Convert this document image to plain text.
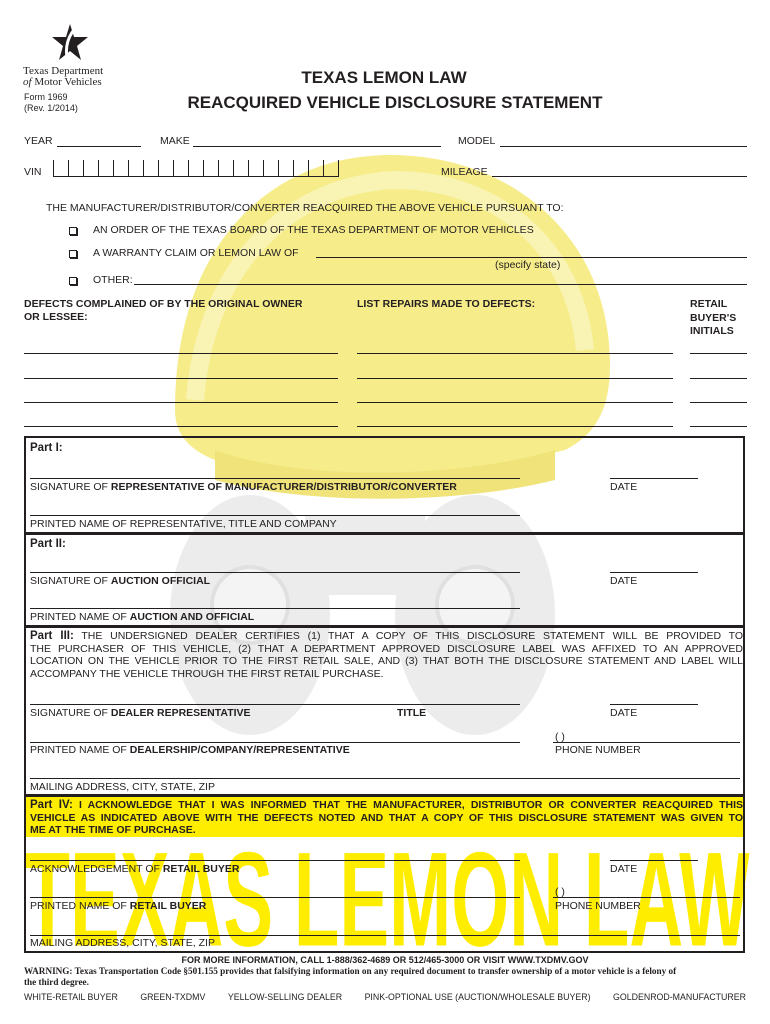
TEXAS LEMON LAW
Texas Department
of Motor Vehicles
Form 1969
(Rev. 1/2014)
TEXAS LEMON LAW
REACQUIRED VEHICLE DISCLOSURE STATEMENT
YEAR	MAKE	MODEL
VIN	MILEAGE
THE MANUFACTURER/DISTRIBUTOR/CONVERTER REACQUIRED THE ABOVE VEHICLE PURSUANT TO:
AN ORDER OF THE TEXAS BOARD OF THE TEXAS DEPARTMENT OF MOTOR VEHICLES
A WARRANTY CLAIM OR LEMON LAW OF
(specify state)
OTHER:
DEFECTS COMPLAINED OF BY THE ORIGINAL OWNER
OR LESSEE:
LIST REPAIRS MADE TO DEFECTS:	RETAIL
BUYER'S
INITIALS
Part I:
SIGNATURE OF REPRESENTATIVE OF MANUFACTURER/DISTRIBUTOR/CONVERTER	DATE
PRINTED NAME OF REPRESENTATIVE, TITLE AND COMPANY
Part II:
SIGNATURE OF AUCTION OFFICIAL	DATE
PRINTED NAME OF AUCTION AND OFFICIAL
Part III: THE UNDERSIGNED DEALER CERTIFIES (1) THAT A COPY OF THIS DISCLOSURE STATEMENT WILL BE PROVIDED TO
THE PURCHASER OF THIS VEHICLE, (2) THAT A DEPARTMENT APPROVED DISCLOSURE LABEL WAS AFFIXED TO AN APPROVED
LOCATION ON THE VEHICLE PRIOR TO THE FIRST RETAIL SALE, AND (3) THAT BOTH THE DISCLOSURE STATEMENT AND LABEL WILL
ACCOMPANY THE VEHICLE THROUGH THE FIRST RETAIL PURCHASE.
SIGNATURE OF DEALER REPRESENTATIVE	TITLE	DATE
( )
PRINTED NAME OF DEALERSHIP/COMPANY/REPRESENTATIVE	PHONE NUMBER
MAILING ADDRESS, CITY, STATE, ZIP
Part IV: I ACKNOWLEDGE THAT I WAS INFORMED THAT THE MANUFACTURER, DISTRIBUTOR OR CONVERTER REACQUIRED THIS
VEHICLE AS INDICATED ABOVE WITH THE DEFECTS NOTED AND THAT A COPY OF THIS DISCLOSURE STATEMENT WAS GIVEN TO
ME AT THE TIME OF PURCHASE.
ACKNOWLEDGEMENT OF RETAIL BUYER	DATE
( )
PRINTED NAME OF RETAIL BUYER	PHONE NUMBER
MAILING ADDRESS, CITY, STATE, ZIP
FOR MORE INFORMATION, CALL 1-888/362-4689 OR 512/465-3000 OR VISIT WWW.TXDMV.GOV
WARNING: Texas Transportation Code §501.155 provides that falsifying information on any required document to transfer ownership of a motor vehicle is a felony of
the third degree.
WHITE-RETAIL BUYER	GREEN-TXDMV	YELLOW-SELLING DEALER	PINK-OPTIONAL USE (AUCTION/WHOLESALE BUYER)	GOLDENROD-MANUFACTURER
